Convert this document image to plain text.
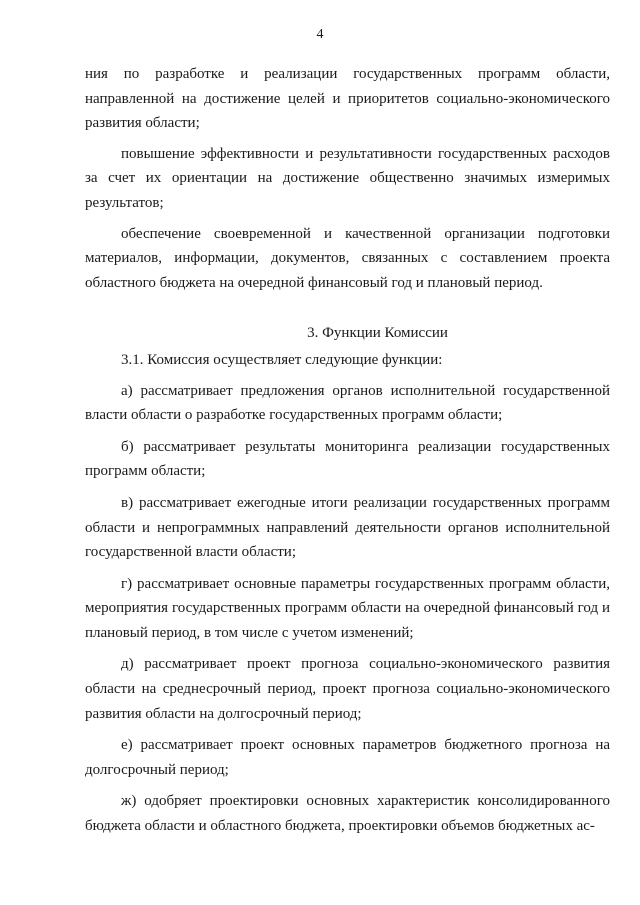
4

ния по разработке и реализации государственных программ области, направленной на достижение целей и приоритетов социально-экономического развития области;

повышение эффективности и результативности государственных расходов за счет их ориентации на достижение общественно значимых измеримых результатов;

обеспечение своевременной и качественной организации подготовки материалов, информации, документов, связанных с составлением проекта областного бюджета на очередной финансовый год и плановый период.

3. Функции Комиссии

3.1. Комиссия осуществляет следующие функции:

а) рассматривает предложения органов исполнительной государственной власти области о разработке государственных программ области;

б) рассматривает результаты мониторинга реализации государственных программ области;

в) рассматривает ежегодные итоги реализации государственных программ области и непрограммных направлений деятельности органов исполнительной государственной власти области;

г) рассматривает основные параметры государственных программ области, мероприятия государственных программ области на очередной финансовый год и плановый период, в том числе с учетом изменений;

д) рассматривает проект прогноза социально-экономического развития области на среднесрочный период, проект прогноза социально-экономического развития области на долгосрочный период;

е) рассматривает проект основных параметров бюджетного прогноза на долгосрочный период;

ж) одобряет проектировки основных характеристик консолидированного бюджета области и областного бюджета, проектировки объемов бюджетных ас-
